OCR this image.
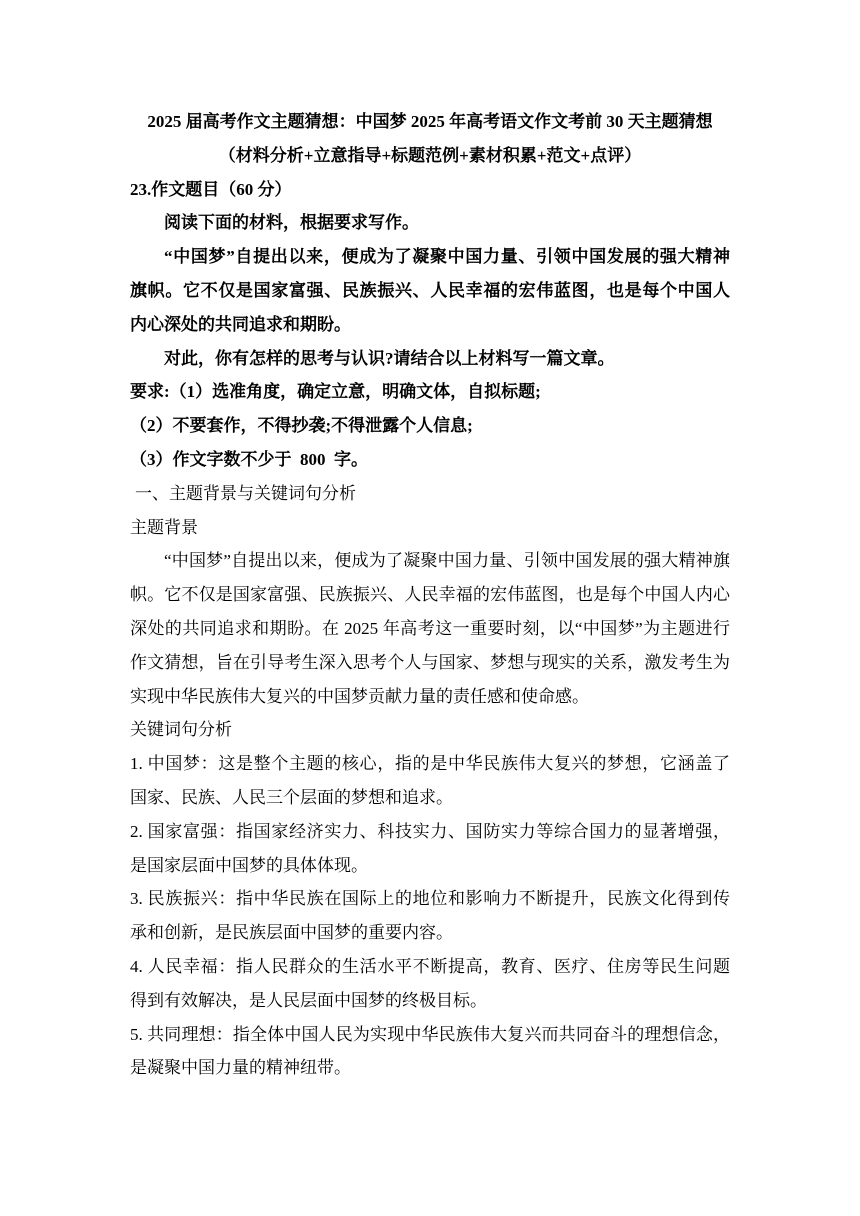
2025 届高考作文主题猜想：中国梦 2025 年高考语文作文考前 30 天主题猜想
（材料分析+立意指导+标题范例+素材积累+范文+点评）
23.作文题目（60 分）
阅读下面的材料，根据要求写作。
“中国梦”自提出以来，便成为了凝聚中国力量、引领中国发展的强大精神
旗帜。它不仅是国家富强、民族振兴、人民幸福的宏伟蓝图，也是每个中国人
内心深处的共同追求和期盼。
对此，你有怎样的思考与认识?请结合以上材料写一篇文章。
要求:（1）选准角度，确定立意，明确文体，自拟标题;
（2）不要套作，不得抄袭;不得泄露个人信息;
（3）作文字数不少于  800  字。
一、主题背景与关键词句分析
主题背景
“中国梦”自提出以来，便成为了凝聚中国力量、引领中国发展的强大精神旗
帜。它不仅是国家富强、民族振兴、人民幸福的宏伟蓝图，也是每个中国人内心
深处的共同追求和期盼。在 2025 年高考这一重要时刻，以“中国梦”为主题进行
作文猜想，旨在引导考生深入思考个人与国家、梦想与现实的关系，激发考生为
实现中华民族伟大复兴的中国梦贡献力量的责任感和使命感。
关键词句分析
1. 中国梦：这是整个主题的核心，指的是中华民族伟大复兴的梦想，它涵盖了
国家、民族、人民三个层面的梦想和追求。
2. 国家富强：指国家经济实力、科技实力、国防实力等综合国力的显著增强，
是国家层面中国梦的具体体现。
3. 民族振兴：指中华民族在国际上的地位和影响力不断提升，民族文化得到传
承和创新，是民族层面中国梦的重要内容。
4. 人民幸福：指人民群众的生活水平不断提高，教育、医疗、住房等民生问题
得到有效解决，是人民层面中国梦的终极目标。
5. 共同理想：指全体中国人民为实现中华民族伟大复兴而共同奋斗的理想信念，
是凝聚中国力量的精神纽带。
